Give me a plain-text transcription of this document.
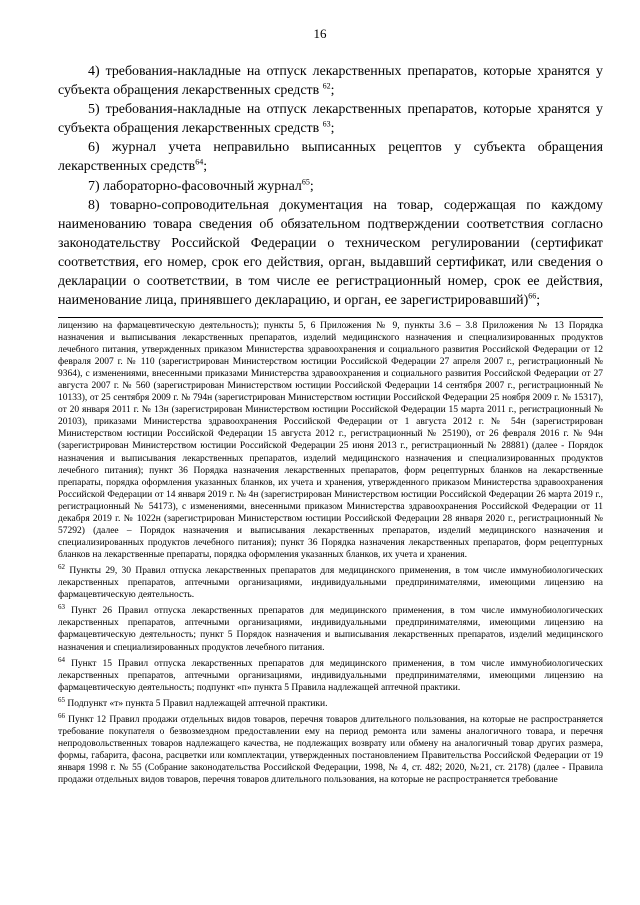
16

4) требования-накладные на отпуск лекарственных препаратов, которые хранятся у субъекта обращения лекарственных средств $^{62}$;

5) требования-накладные на отпуск лекарственных препаратов, которые хранятся у субъекта обращения лекарственных средств $^{63}$;

6) журнал учета неправильно выписанных рецептов у субъекта обращения лекарственных средств$^{64}$;

7) лабораторно-фасовочный журнал$^{65}$;

8) товарно-сопроводительная документация на товар, содержащая по каждому наименованию товара сведения об обязательном подтверждении соответствия согласно законодательству Российской Федерации о техническом регулировании (сертификат соответствия, его номер, срок его действия, орган, выдавший сертификат, или сведения о декларации о соответствии, в том числе ее регистрационный номер, срок ее действия, наименование лица, принявшего декларацию, и орган, ее зарегистрировавший)$^{66}$;

лицензию на фармацевтическую деятельность); пункты 5, 6 Приложения № 9, пункты 3.6 – 3.8 Приложения № 13 Порядка назначения и выписывания лекарственных препаратов, изделий медицинского назначения и специализированных продуктов лечебного питания, утвержденных приказом Министерства здравоохранения и социального развития Российской Федерации от 12 февраля 2007 г. № 110 (зарегистрирован Министерством юстиции Российской Федерации 27 апреля 2007 г., регистрационный № 9364), с изменениями, внесенными приказами Министерства здравоохранения и социального развития Российской Федерации от 27 августа 2007 г. № 560 (зарегистрирован Министерством юстиции Российской Федерации 14 сентября 2007 г., регистрационный № 10133), от 25 сентября 2009 г. № 794н (зарегистрирован Министерством юстиции Российской Федерации 25 ноября 2009 г. № 15317), от 20 января 2011 г. № 13н (зарегистрирован Министерством юстиции Российской Федерации 15 марта 2011 г., регистрационный № 20103), приказами Министерства здравоохранения Российской Федерации от 1 августа 2012 г. № 54н (зарегистрирован Министерством юстиции Российской Федерации 15 августа 2012 г., регистрационный № 25190), от 26 февраля 2016 г. № 94н (зарегистрирован Министерством юстиции Российской Федерации 25 июня 2013 г., регистрационный № 28881) (далее - Порядок назначения и выписывания лекарственных препаратов, изделий медицинского назначения и специализированных продуктов лечебного питания); пункт 36 Порядка назначения лекарственных препаратов, форм рецептурных бланков на лекарственные препараты, порядка оформления указанных бланков, их учета и хранения, утвержденного приказом Министерства здравоохранения Российской Федерации от 14 января 2019 г. № 4н (зарегистрирован Министерством юстиции Российской Федерации 26 марта 2019 г., регистрационный № 54173), с изменениями, внесенными приказом Министерства здравоохранения Российской Федерации от 11 декабря 2019 г. № 1022н (зарегистрирован Министерством юстиции Российской Федерации 28 января 2020 г., регистрационный № 57292) (далее – Порядок назначения и выписывания лекарственных препаратов, изделий медицинского назначения и специализированных продуктов лечебного питания); пункт 36 Порядка назначения лекарственных препаратов, форм рецептурных бланков на лекарственные препараты, порядка оформления указанных бланков, их учета и хранения.

$^{62}$ Пункты 29, 30 Правил отпуска лекарственных препаратов для медицинского применения, в том числе иммунобиологических лекарственных препаратов, аптечными организациями, индивидуальными предпринимателями, имеющими лицензию на фармацевтическую деятельность.

$^{63}$ Пункт 26 Правил отпуска лекарственных препаратов для медицинского применения, в том числе иммунобиологических лекарственных препаратов, аптечными организациями, индивидуальными предпринимателями, имеющими лицензию на фармацевтическую деятельность; пункт 5 Порядок назначения и выписывания лекарственных препаратов, изделий медицинского назначения и специализированных продуктов лечебного питания.

$^{64}$ Пункт 15 Правил отпуска лекарственных препаратов для медицинского применения, в том числе иммунобиологических лекарственных препаратов, аптечными организациями, индивидуальными предпринимателями, имеющими лицензию на фармацевтическую деятельность; подпункт «п» пункта 5 Правила надлежащей аптечной практики.

$^{65}$ Подпункт «т» пункта 5 Правил надлежащей аптечной практики.

$^{66}$ Пункт 12 Правил продажи отдельных видов товаров, перечня товаров длительного пользования, на которые не распространяется требование покупателя о безвозмездном предоставлении ему на период ремонта или замены аналогичного товара, и перечня непродовольственных товаров надлежащего качества, не подлежащих возврату или обмену на аналогичный товар других размера, формы, габарита, фасона, расцветки или комплектации, утвержденных постановлением Правительства Российской Федерации от 19 января 1998 г. № 55 (Собрание законодательства Российской Федерации, 1998, № 4, ст. 482; 2020, №21, ст. 2178) (далее - Правила продажи отдельных видов товаров, перечня товаров длительного пользования, на которые не распространяется требование
